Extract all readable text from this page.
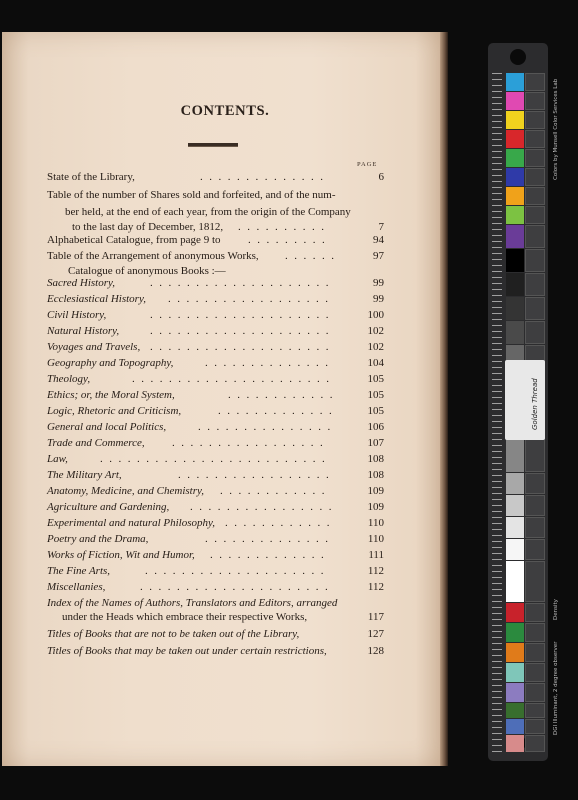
CONTENTS.
PAGE
State of the Library,	..............	6
Table of the number of Shares sold and forfeited, and of the num-
ber held, at the end of each year, from the origin of the Company
to the last day of December, 1812, ..........	7
Alphabetical Catalogue, from page 9 to	.........	94
Table of the Arrangement of anonymous Works, ......	97
Catalogue of anonymous Books :—
Sacred History,	....................	99
Ecclesiastical History, ..................	99
Civil History,	....................	100
Natural History,	....................	102
Voyages and Travels, ....................	102
Geography and Topography,	..............	104
Theology,	......................	105
Ethics; or, the Moral System,	............	105
Logic, Rhetoric and Criticism,	.............	105
General and local Politics,	...............	106
Trade and Commerce, .................	107
Law,	.........................	108
The Military Art,	.................	108
Anatomy, Medicine, and Chemistry, ............	109
Agriculture and Gardening, ................	109
Experimental and natural Philosophy, ............	110
Poetry and the Drama,	..............	110
Works of Fiction, Wit and Humor, .............	111
The Fine Arts,	....................	112
Miscellanies,	.....................	112
Index of the Names of Authors, Translators and Editors, arranged
under the Heads which embrace their respective Works,	117
Titles of Books that are not to be taken out of the Library,	127
Titles of Books that may be taken out under certain restrictions,	128
Golden Thread
Colors by Munsell Color Services Lab
DGI Illuminant, 2 degree observer
Density
